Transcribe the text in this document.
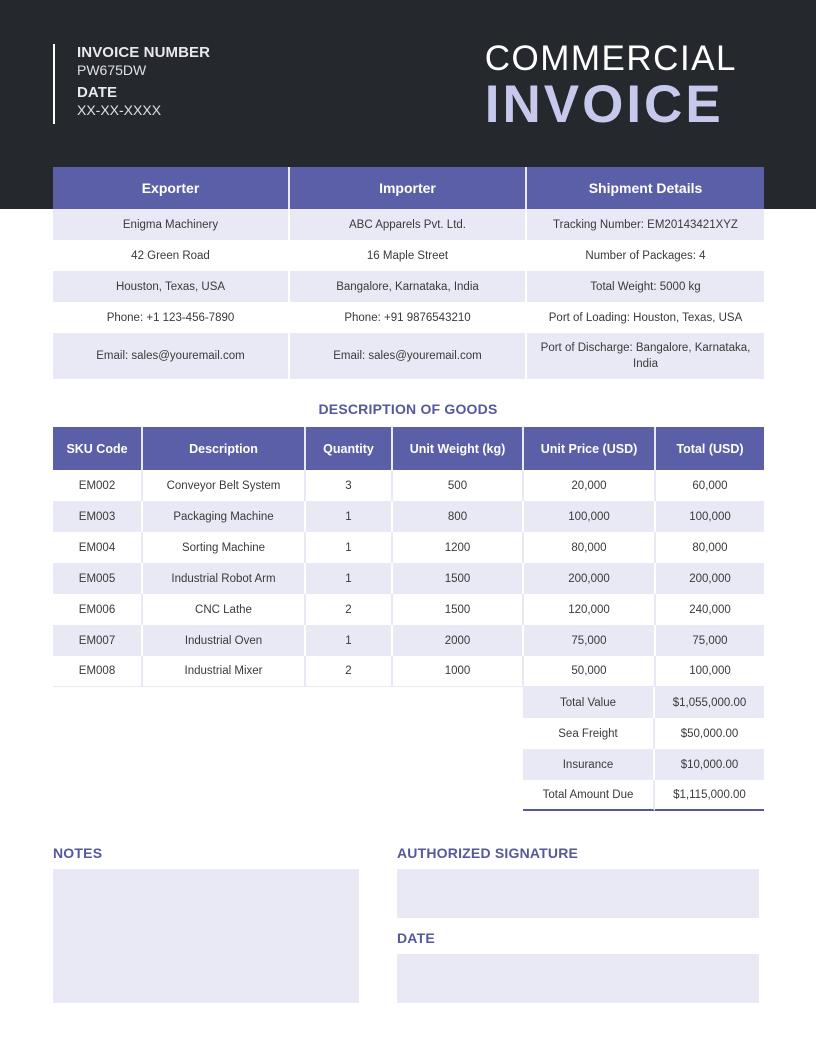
INVOICE NUMBER
PW675DW
DATE
XX-XX-XXXX
COMMERCIAL
INVOICE
Exporter	Importer	Shipment Details
Enigma Machinery	ABC Apparels Pvt. Ltd.	Tracking Number: EM20143421XYZ
42 Green Road	16 Maple Street	Number of Packages: 4
Houston, Texas, USA	Bangalore, Karnataka, India	Total Weight: 5000 kg
Phone: +1 123-456-7890	Phone: +91 9876543210	Port of Loading: Houston, Texas, USA
Email: sales@youremail.com	Email: sales@youremail.com	Port of Discharge: Bangalore, Karnataka, India
DESCRIPTION OF GOODS
SKU Code	Description	Quantity	Unit Weight (kg)	Unit Price (USD)	Total (USD)
EM002	Conveyor Belt System	3	500	20,000	60,000
EM003	Packaging Machine	1	800	100,000	100,000
EM004	Sorting Machine	1	1200	80,000	80,000
EM005	Industrial Robot Arm	1	1500	200,000	200,000
EM006	CNC Lathe	2	1500	120,000	240,000
EM007	Industrial Oven	1	2000	75,000	75,000
EM008	Industrial Mixer	2	1000	50,000	100,000
Total Value	$1,055,000.00
Sea Freight	$50,000.00
Insurance	$10,000.00
Total Amount Due	$1,115,000.00
NOTES	AUTHORIZED SIGNATURE
DATE
